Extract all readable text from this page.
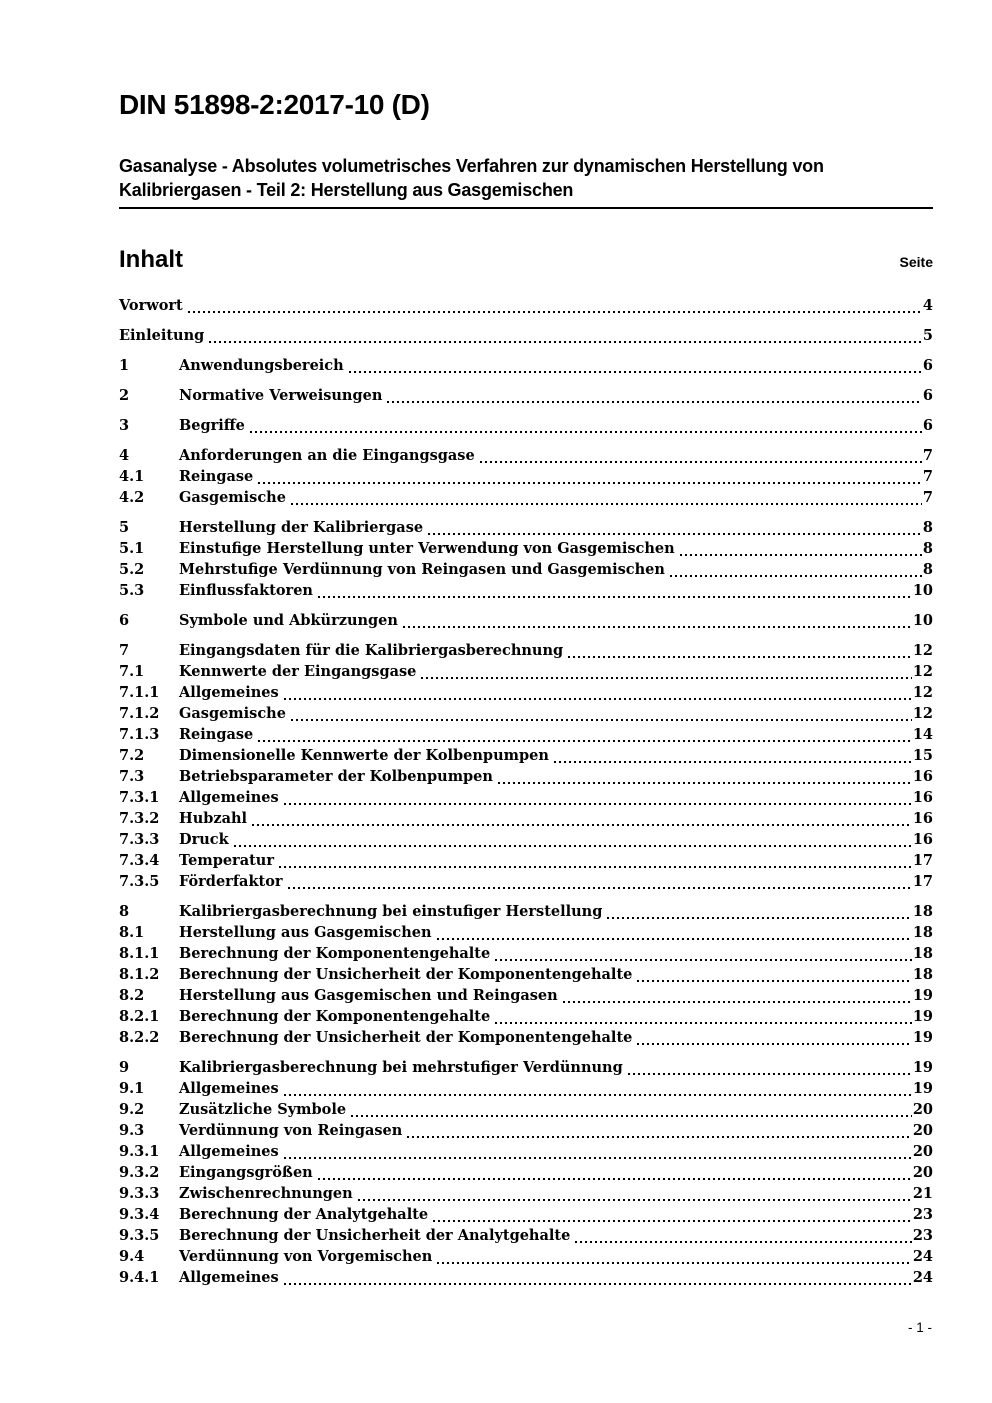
DIN 51898-2:2017-10 (D)
Gasanalyse - Absolutes volumetrisches Verfahren zur dynamischen Herstellung von Kalibriergasen - Teil 2: Herstellung aus Gasgemischen
Inhalt	Seite
Vorwort	4
Einleitung	5
1	Anwendungsbereich	6
2	Normative Verweisungen	6
3	Begriffe	6
4	Anforderungen an die Eingangsgase	7
4.1	Reingase	7
4.2	Gasgemische	7
5	Herstellung der Kalibriergase	8
5.1	Einstufige Herstellung unter Verwendung von Gasgemischen	8
5.2	Mehrstufige Verdünnung von Reingasen und Gasgemischen	8
5.3	Einflussfaktoren	10
6	Symbole und Abkürzungen	10
7	Eingangsdaten für die Kalibriergasberechnung	12
7.1	Kennwerte der Eingangsgase	12
7.1.1	Allgemeines	12
7.1.2	Gasgemische	12
7.1.3	Reingase	14
7.2	Dimensionelle Kennwerte der Kolbenpumpen	15
7.3	Betriebsparameter der Kolbenpumpen	16
7.3.1	Allgemeines	16
7.3.2	Hubzahl	16
7.3.3	Druck	16
7.3.4	Temperatur	17
7.3.5	Förderfaktor	17
8	Kalibriergasberechnung bei einstufiger Herstellung	18
8.1	Herstellung aus Gasgemischen	18
8.1.1	Berechnung der Komponentengehalte	18
8.1.2	Berechnung der Unsicherheit der Komponentengehalte	18
8.2	Herstellung aus Gasgemischen und Reingasen	19
8.2.1	Berechnung der Komponentengehalte	19
8.2.2	Berechnung der Unsicherheit der Komponentengehalte	19
9	Kalibriergasberechnung bei mehrstufiger Verdünnung	19
9.1	Allgemeines	19
9.2	Zusätzliche Symbole	20
9.3	Verdünnung von Reingasen	20
9.3.1	Allgemeines	20
9.3.2	Eingangsgrößen	20
9.3.3	Zwischenrechnungen	21
9.3.4	Berechnung der Analytgehalte	23
9.3.5	Berechnung der Unsicherheit der Analytgehalte	23
9.4	Verdünnung von Vorgemischen	24
9.4.1	Allgemeines	24
- 1 -
